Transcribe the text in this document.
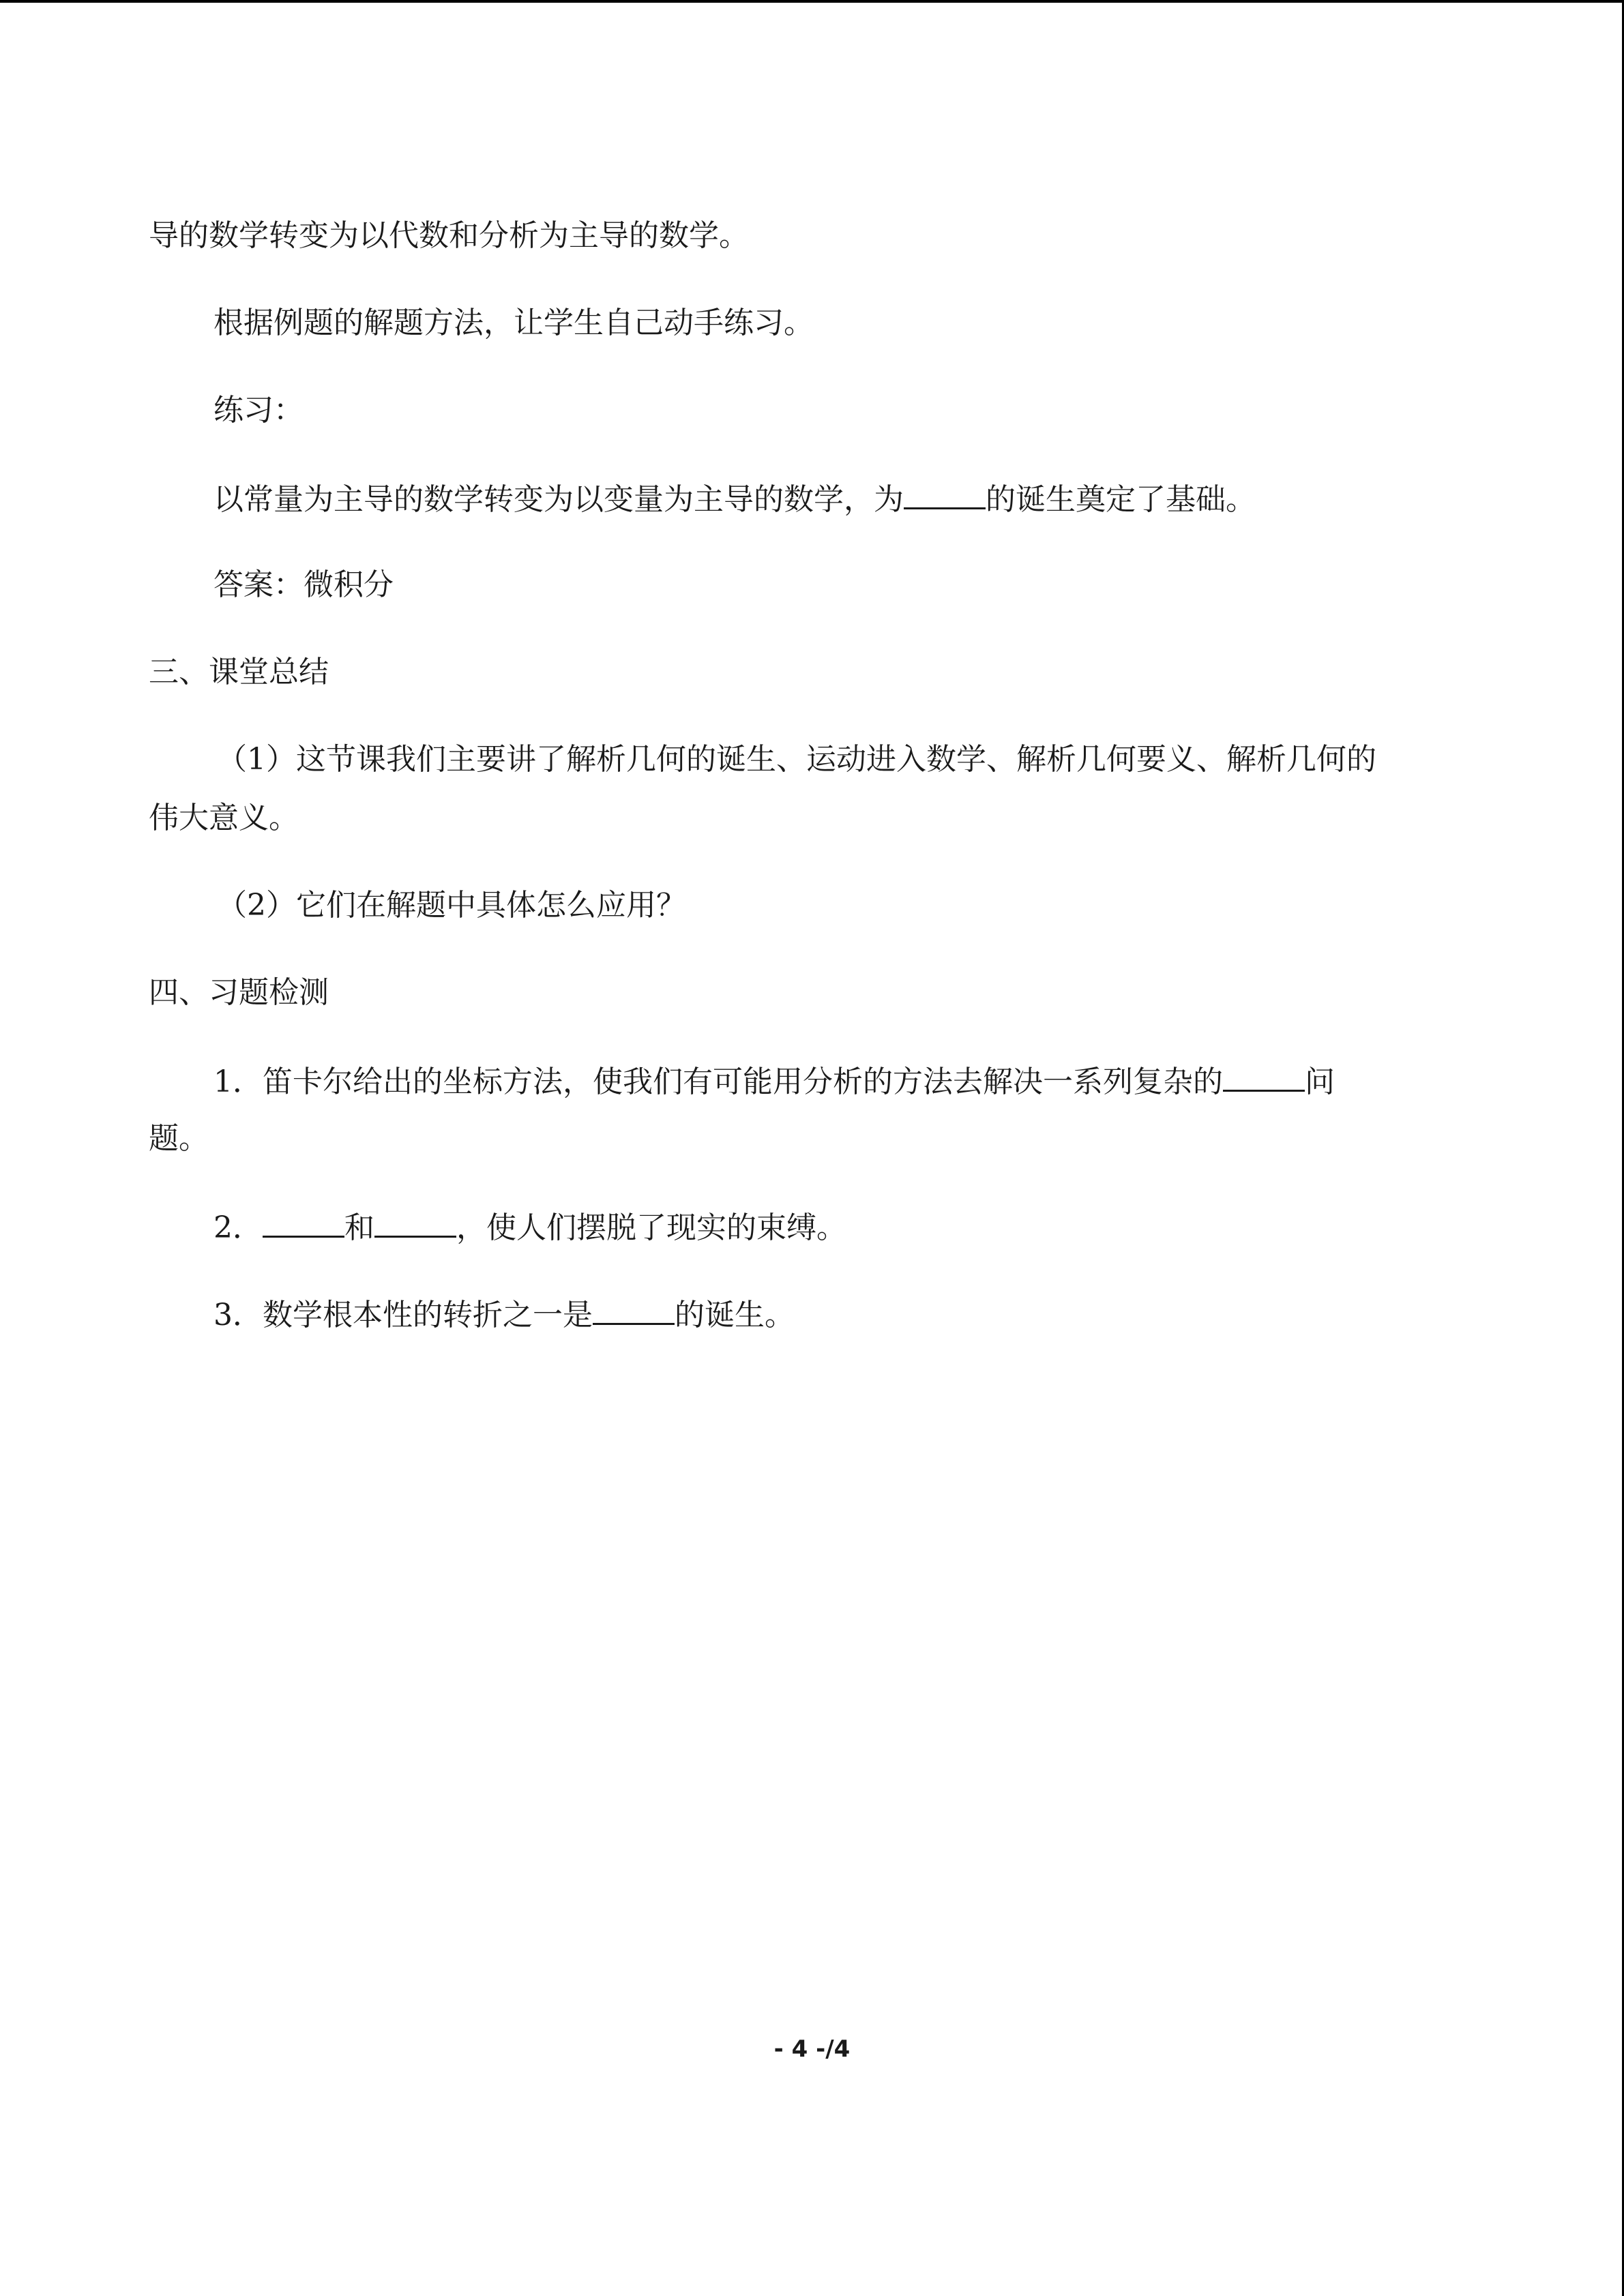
导的数学转变为以代数和分析为主导的数学。
根据例题的解题方法，让学生自己动手练习。
练习：
以常量为主导的数学转变为以变量为主导的数学，为	的诞生奠定了基础。
答案：微积分
三、课堂总结
（1）这节课我们主要讲了解析几何的诞生、运动进入数学、解析几何要义、解析几何的
伟大意义。
（2）它们在解题中具体怎么应用？
四、习题检测
1．笛卡尔给出的坐标方法，使我们有可能用分析的方法去解决一系列复杂的	问
题。
2．	和	，使人们摆脱了现实的束缚。
3．数学根本性的转折之一是	的诞生。
- 4 -/4
